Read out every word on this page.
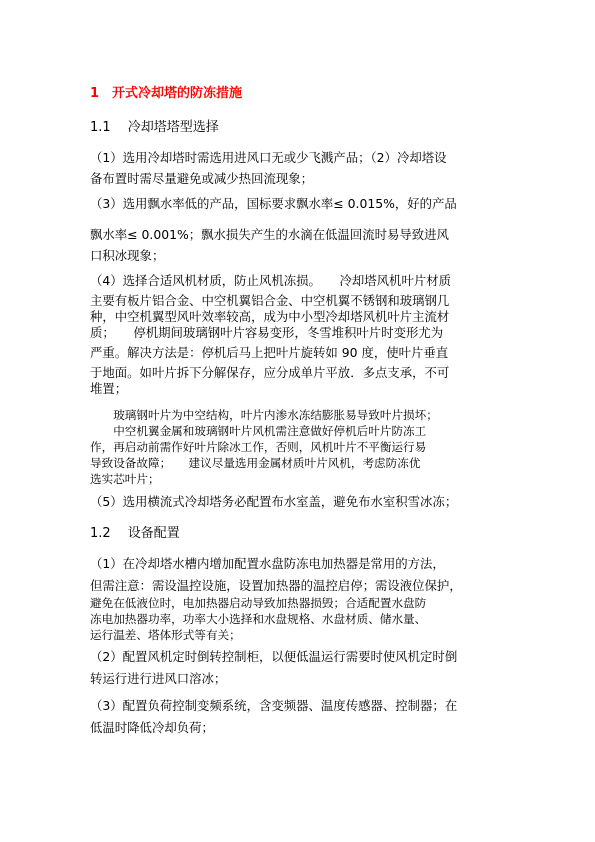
1　开式冷却塔的防冻措施
1.1　 冷却塔塔型选择
（1）选用冷却塔时需选用进风口无或少飞溅产品；（2）冷却塔设
备布置时需尽量避免或减少热回流现象；
（3）选用飘水率低的产品，国标要求飘水率≤ 0.015%，好的产品
飘水率≤ 0.001%；飘水损失产生的水滴在低温回流时易导致进风
口积冰现象；
（4）选择合适风机材质，防止风机冻损。　　冷却塔风机叶片材质
主要有板片铝合金、中空机翼铝合金、中空机翼不锈钢和玻璃钢几
种，中空机翼型风叶效率较高，成为中小型冷却塔风机叶片主流材
质；　　停机期间玻璃钢叶片容易变形，冬雪堆积叶片时变形尤为
严重。解决方法是：停机后马上把叶片旋转如 90 度，使叶片垂直
于地面。如叶片拆下分解保存，应分成单片平放．多点支承，不可
堆置；
　　玻璃钢叶片为中空结构，叶片内渗水冻结膨胀易导致叶片损坏；
　　中空机翼金属和玻璃钢叶片风机需注意做好停机后叶片防冻工
作，再启动前需作好叶片除冰工作，否则，风机叶片不平衡运行易
导致设备故障；　　建议尽量选用金属材质叶片风机，考虑防冻优
选实芯叶片；
（5）选用横流式冷却塔务必配置布水室盖，避免布水室积雪冰冻；
1.2　 设备配置
（1）在冷却塔水槽内增加配置水盘防冻电加热器是常用的方法，
但需注意：需设温控设施，设置加热器的温控启停；需设液位保护，
避免在低液位时，电加热器启动导致加热器损毁；合适配置水盘防
冻电加热器功率，功率大小选择和水盘规格、水盘材质、储水量、
运行温差、塔体形式等有关；
（2）配置风机定时倒转控制柜，以便低温运行需要时使风机定时倒
转运行进行进风口溶冰；
（3）配置负荷控制变频系统，含变频器、温度传感器、控制器；在
低温时降低冷却负荷；
